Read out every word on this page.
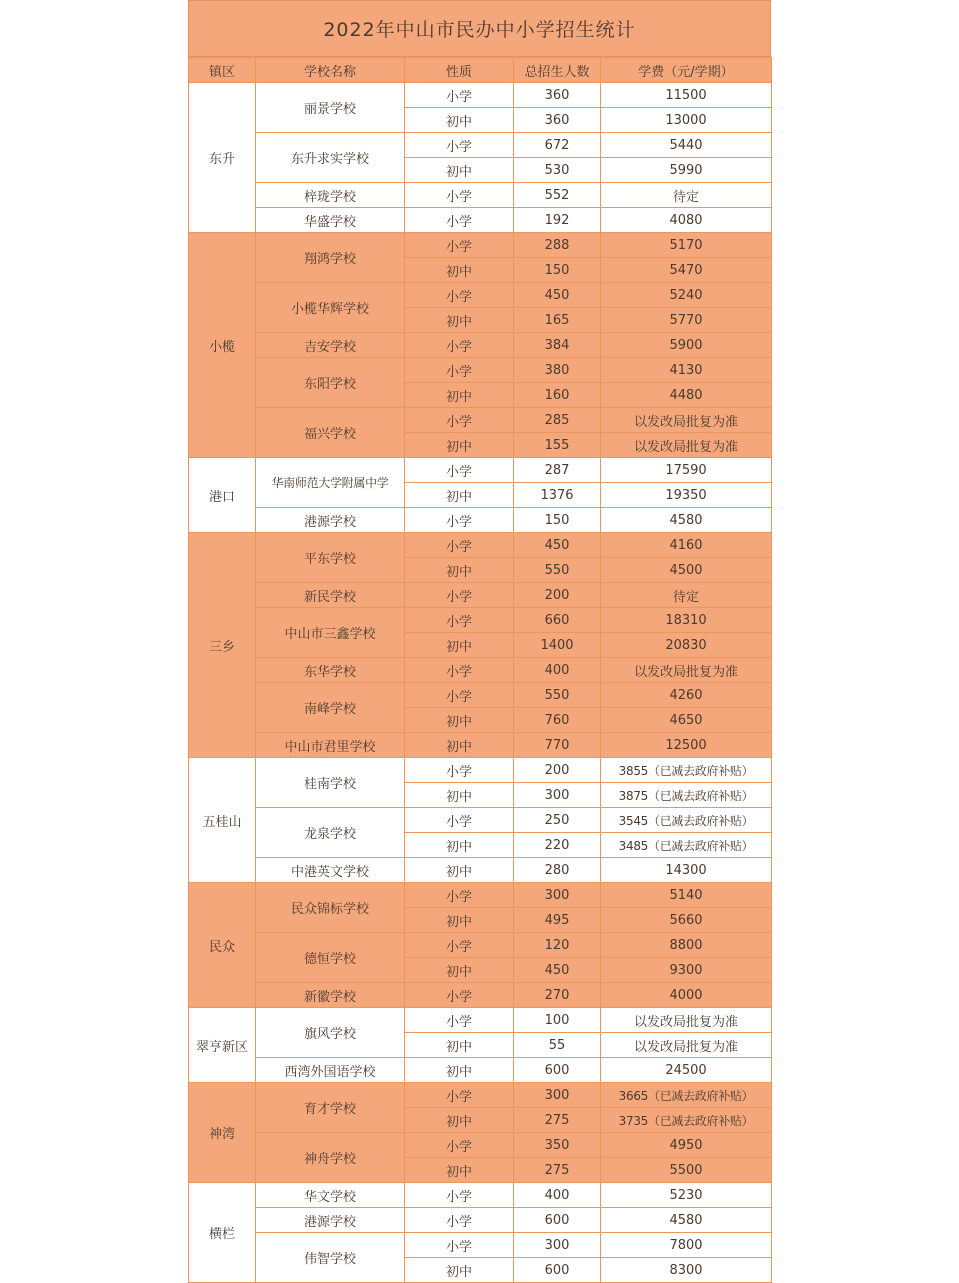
2022年中山市民办中小学招生统计
镇区	学校名称	性质	总招生人数	学费（元/学期）
东升	丽景学校	小学	360	11500
		初中	360	13000
	东升求实学校	小学	672	5440
		初中	530	5990
	梓珑学校	小学	552	待定
	华盛学校	小学	192	4080
小榄	翔鸿学校	小学	288	5170
		初中	150	5470
	小榄华辉学校	小学	450	5240
		初中	165	5770
	吉安学校	小学	384	5900
	东阳学校	小学	380	4130
		初中	160	4480
	福兴学校	小学	285	以发改局批复为准
		初中	155	以发改局批复为准
港口	华南师范大学附属中学	小学	287	17590
		初中	1376	19350
	港源学校	小学	150	4580
三乡	平东学校	小学	450	4160
		初中	550	4500
	新民学校	小学	200	待定
	中山市三鑫学校	小学	660	18310
		初中	1400	20830
	东华学校	小学	400	以发改局批复为准
	南峰学校	小学	550	4260
		初中	760	4650
	中山市君里学校	初中	770	12500
五桂山	桂南学校	小学	200	3855（已减去政府补贴）
		初中	300	3875（已减去政府补贴）
	龙泉学校	小学	250	3545（已减去政府补贴）
		初中	220	3485（已减去政府补贴）
	中港英文学校	初中	280	14300
民众	民众锦标学校	小学	300	5140
		初中	495	5660
	德恒学校	小学	120	8800
		初中	450	9300
	新徽学校	小学	270	4000
翠亨新区	旗风学校	小学	100	以发改局批复为准
		初中	55	以发改局批复为准
	西湾外国语学校	初中	600	24500
神湾	育才学校	小学	300	3665（已减去政府补贴）
		初中	275	3735（已减去政府补贴）
	神舟学校	小学	350	4950
		初中	275	5500
横栏	华文学校	小学	400	5230
	港源学校	小学	600	4580
	伟智学校	小学	300	7800
		初中	600	8300
